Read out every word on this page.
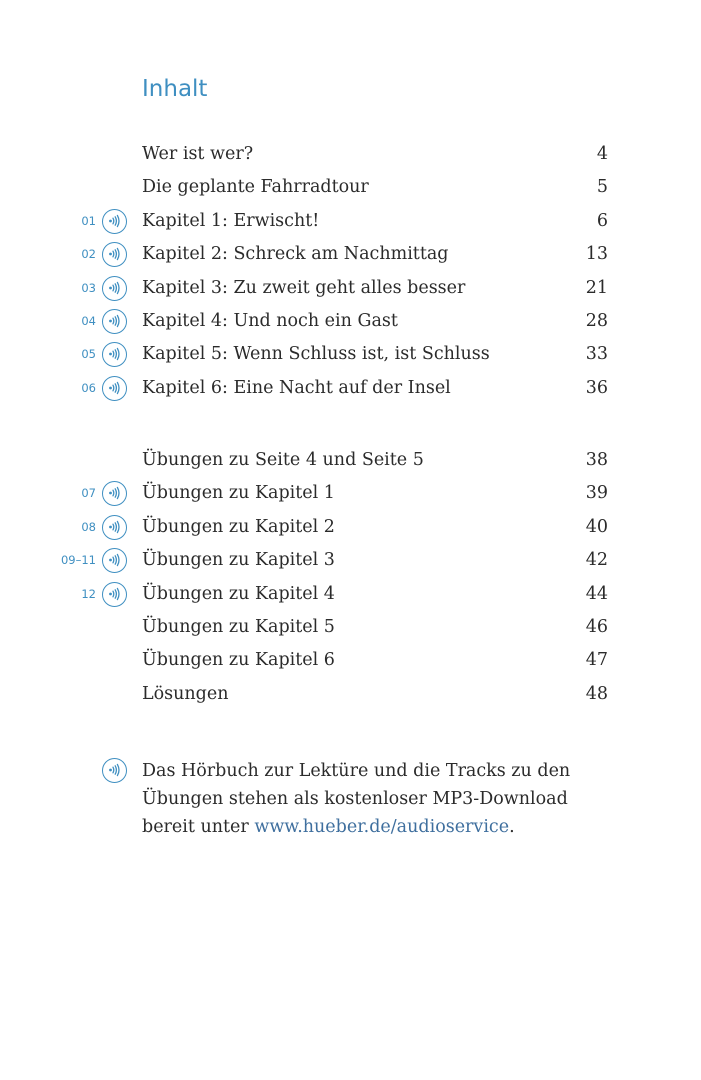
Inhalt
Wer ist wer?	4
Die geplante Fahrradtour	5
01	Kapitel 1: Erwischt!	6
02	Kapitel 2: Schreck am Nachmittag	13
03	Kapitel 3: Zu zweit geht alles besser	21
04	Kapitel 4: Und noch ein Gast	28
05	Kapitel 5: Wenn Schluss ist, ist Schluss	33
06	Kapitel 6: Eine Nacht auf der Insel	36
Übungen zu Seite 4 und Seite 5	38
07	Übungen zu Kapitel 1	39
08	Übungen zu Kapitel 2	40
09–11	Übungen zu Kapitel 3	42
12	Übungen zu Kapitel 4	44
Übungen zu Kapitel 5	46
Übungen zu Kapitel 6	47
Lösungen	48
Das Hörbuch zur Lektüre und die Tracks zu den
Übungen stehen als kostenloser MP3-Download
bereit unter www.hueber.de/audioservice.
